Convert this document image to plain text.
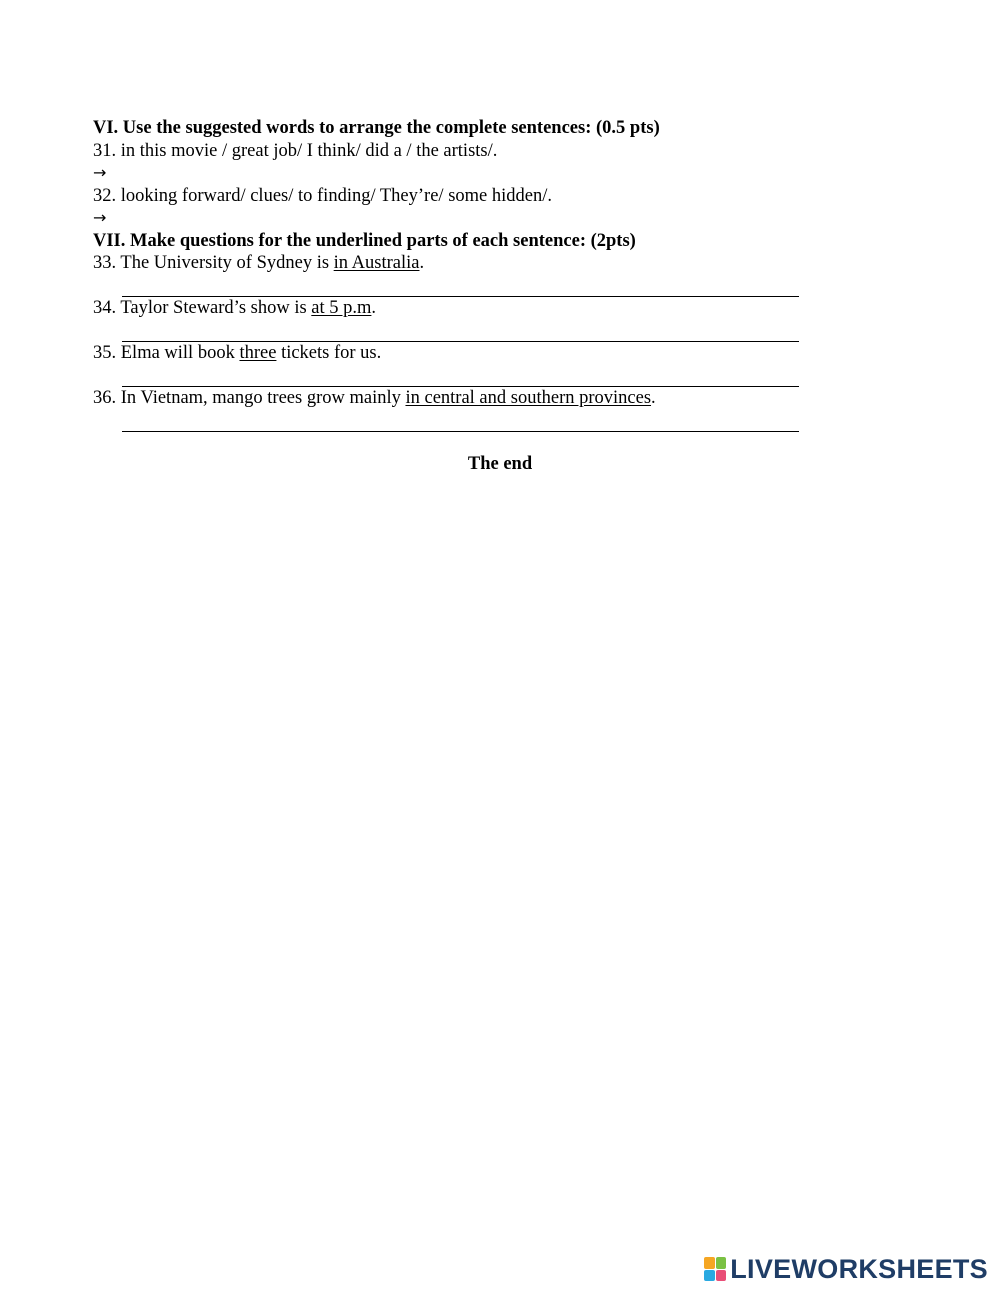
VI. Use the suggested words to arrange the complete sentences: (0.5 pts)
31. in this movie / great job/ I think/ did a / the artists/.
→
32. looking forward/ clues/ to finding/ They’re/ some hidden/.
→
VII. Make questions for the underlined parts of each sentence: (2pts)
33. The University of Sydney is in Australia.
34. Taylor Steward’s show is at 5 p.m.
35. Elma will book three tickets for us.
36. In Vietnam, mango trees grow mainly in central and southern provinces.
The end
LIVEWORKSHEETS
